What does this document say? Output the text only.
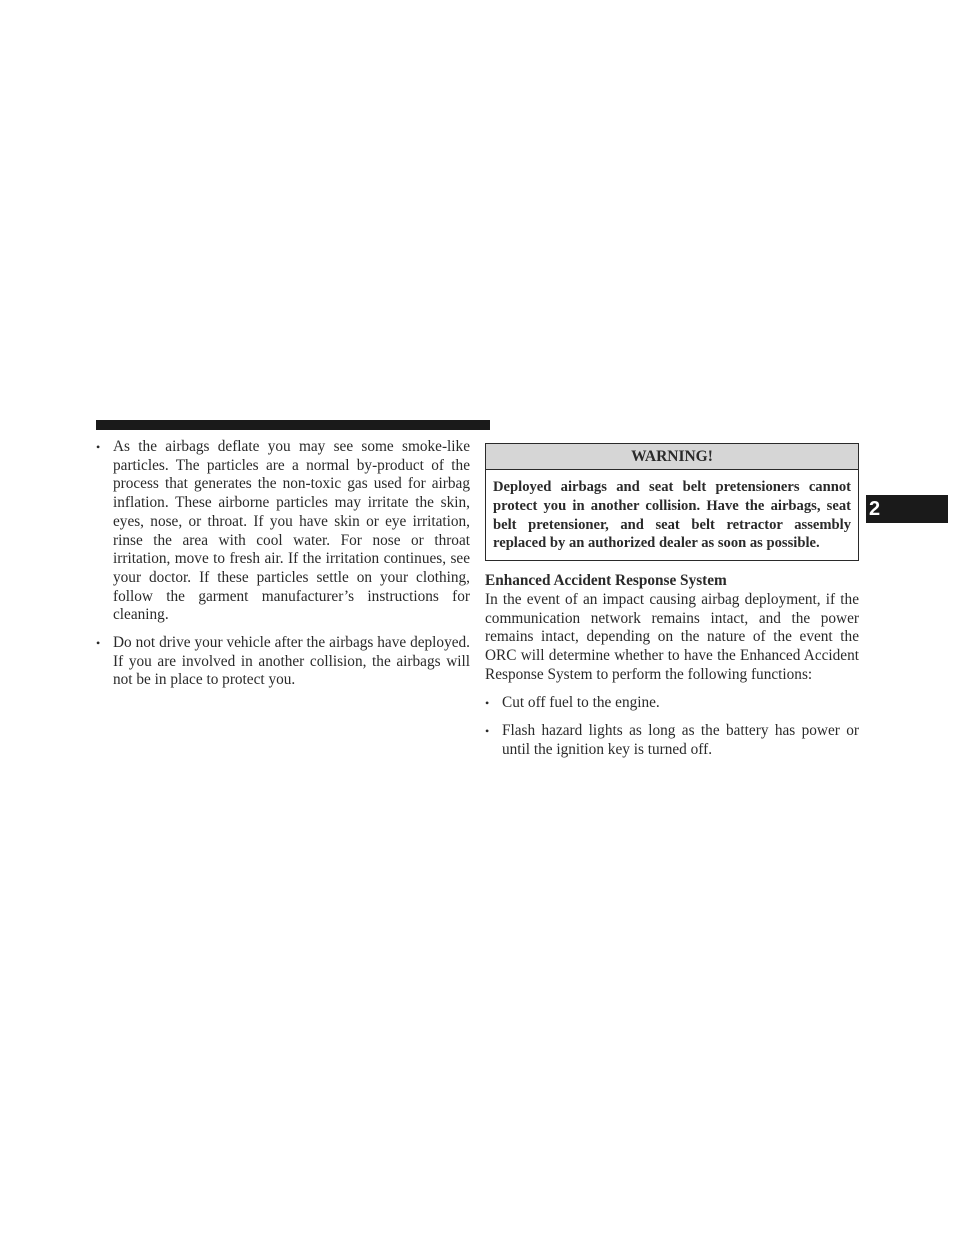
• As the airbags deflate you may see some smoke-like particles. The particles are a normal by-product of the process that generates the non-toxic gas used for airbag inflation. These airborne particles may irritate the skin, eyes, nose, or throat. If you have skin or eye irritation, rinse the area with cool water. For nose or throat irritation, move to fresh air. If the irritation continues, see your doctor. If these particles settle on your clothing, follow the garment manufacturer’s instructions for cleaning.
• Do not drive your vehicle after the airbags have deployed. If you are involved in another collision, the airbags will not be in place to protect you.
WARNING!
Deployed airbags and seat belt pretensioners cannot protect you in another collision. Have the airbags, seat belt pretensioner, and seat belt retractor assembly replaced by an authorized dealer as soon as possible.
Enhanced Accident Response System

In the event of an impact causing airbag deployment, if the communication network remains intact, and the power remains intact, depending on the nature of the event the ORC will determine whether to have the Enhanced Accident Response System to perform the following functions:

• Cut off fuel to the engine.
• Flash hazard lights as long as the battery has power or until the ignition key is turned off.
2
